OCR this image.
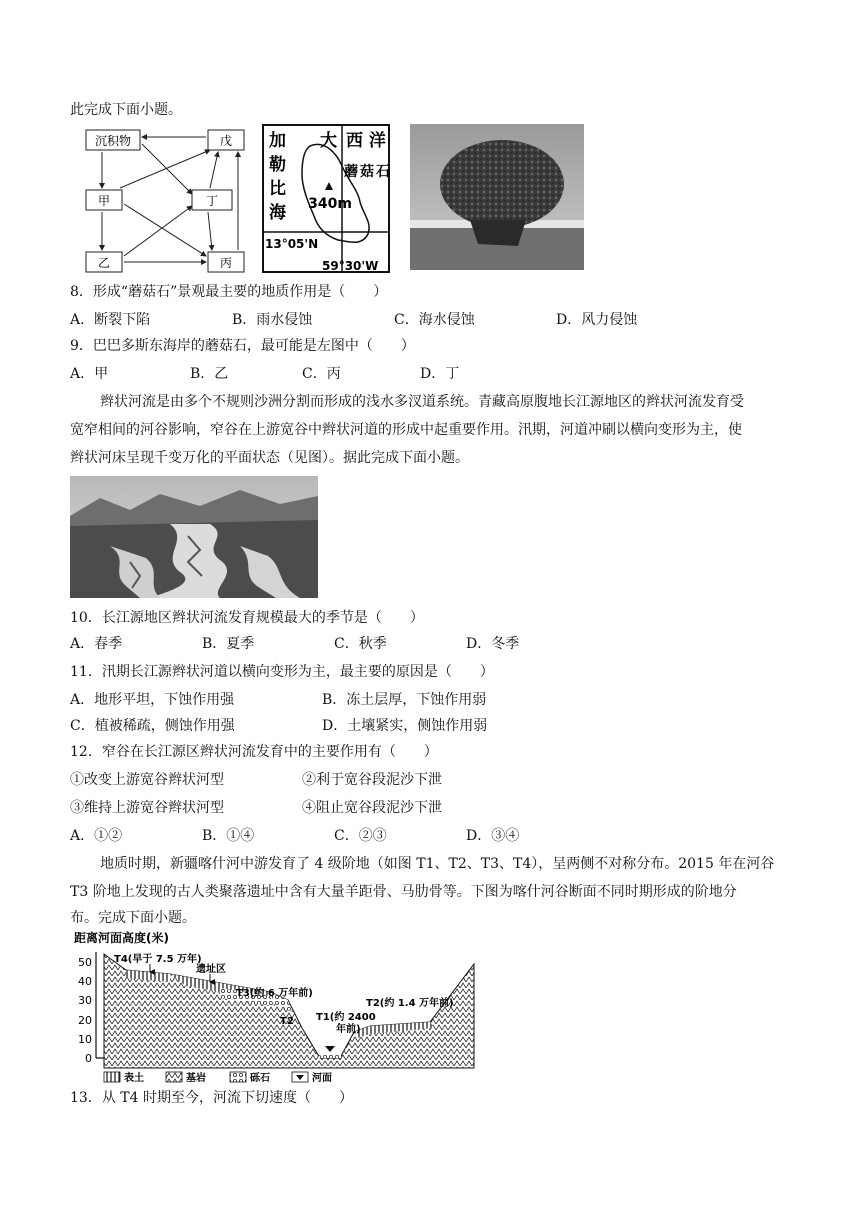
此完成下面小题。
沉积物	戊
甲	丁
乙	丙
340m
加
勒
比
海
大 西 洋
蘑 菇 石
13°05'N
59°30'W
8．形成“蘑菇石”景观最主要的地质作用是（　　）
A．断裂下陷	B．雨水侵蚀	C．海水侵蚀	D．风力侵蚀
9．巴巴多斯东海岸的蘑菇石，最可能是左图中（　　）
A．甲	B．乙	C．丙	D．丁
辫状河流是由多个不规则沙洲分割而形成的浅水多汊道系统。青藏高原腹地长江源地区的辫状河流发育受
宽窄相间的河谷影响，窄谷在上游宽谷中辫状河道的形成中起重要作用。汛期，河道冲刷以横向变形为主，使
辫状河床呈现千变万化的平面状态（见图）。据此完成下面小题。
10．长江源地区辫状河流发育规模最大的季节是（　　）
A．春季	B．夏季	C．秋季	D．冬季
11．汛期长江源辫状河道以横向变形为主，最主要的原因是（　　）
A．地形平坦，下蚀作用强	B．冻土层厚，下蚀作用弱
C．植被稀疏，侧蚀作用强	D．土壤紧实，侧蚀作用弱
12．窄谷在长江源区辫状河流发育中的主要作用有（　　）
①改变上游宽谷辫状河型	②利于宽谷段泥沙下泄
③维持上游宽谷辫状河型	④阻止宽谷段泥沙下泄
A．①②	B．①④	C．②③	D．③④
地质时期，新疆喀什河中游发育了 4 级阶地（如图 T1、T2、T3、T4），呈两侧不对称分布。2015 年在河谷
T3 阶地上发现的古人类聚落遗址中含有大量羊距骨、马肋骨等。下图为喀什河谷断面不同时期形成的阶地分
布。完成下面小题。
距离河面高度(米)
50
40
30
20
10
0
T4(早于 7.5 万年)
遗址区
T3(约 6 万年前)
T2 T1(约 2400
年前)
T2(约 1.4 万年前)
表土	基岩	砾石	河面
13．从 T4 时期至今，河流下切速度（　　）
